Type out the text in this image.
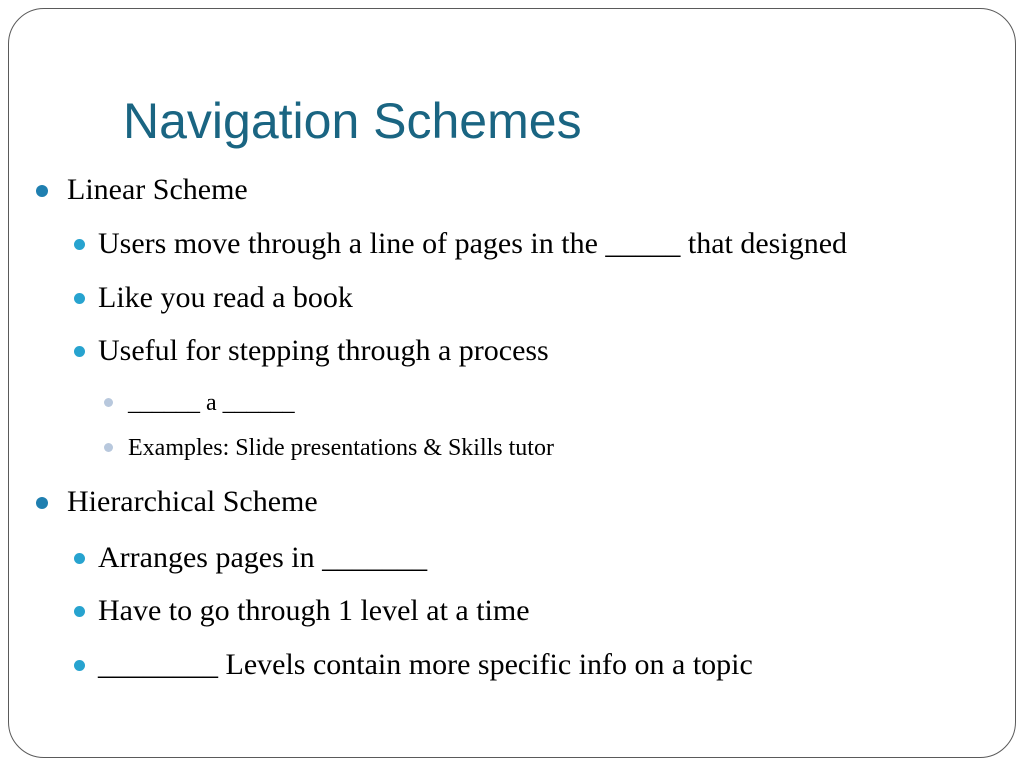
Navigation Schemes
Linear Scheme
Users move through a line of pages in the _____ that designed
Like you read a book
Useful for stepping through a process
______ a ______
Examples: Slide presentations & Skills tutor
Hierarchical Scheme
Arranges pages in _______
Have to go through 1 level at a time
________ Levels contain more specific info on a topic
